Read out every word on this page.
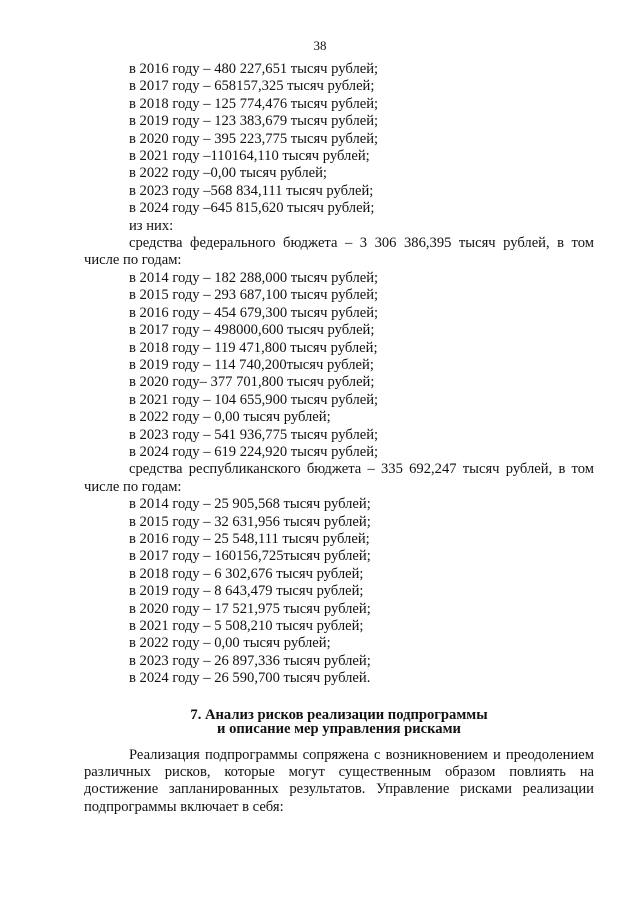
38

в 2016 году – 480 227,651 тысяч рублей;

в 2017 году – 658157,325 тысяч рублей;

в 2018 году – 125 774,476 тысяч рублей;

в 2019 году – 123 383,679 тысяч рублей;

в 2020 году – 395 223,775 тысяч рублей;

в 2021 году –110164,110 тысяч рублей;

в 2022 году –0,00 тысяч рублей;

в 2023 году –568 834,111 тысяч рублей;

в 2024 году –645 815,620 тысяч рублей;

из них:

средства федерального бюджета – 3 306 386,395 тысяч рублей, в том

числе по годам:

в 2014 году – 182 288,000 тысяч рублей;

в 2015 году – 293 687,100 тысяч рублей;

в 2016 году – 454 679,300 тысяч рублей;

в 2017 году – 498000,600 тысяч рублей;

в 2018 году – 119 471,800 тысяч рублей;

в 2019 году – 114 740,200тысяч рублей;

в 2020 году– 377 701,800 тысяч рублей;

в 2021 году – 104 655,900 тысяч рублей;

в 2022 году – 0,00 тысяч рублей;

в 2023 году – 541 936,775 тысяч рублей;

в 2024 году – 619 224,920 тысяч рублей;

средства республиканского бюджета – 335 692,247 тысяч рублей, в том

числе по годам:

в 2014 году – 25 905,568 тысяч рублей;

в 2015 году – 32 631,956 тысяч рублей;

в 2016 году – 25 548,111 тысяч рублей;

в 2017 году – 160156,725тысяч рублей;

в 2018 году – 6 302,676 тысяч рублей;

в 2019 году – 8 643,479 тысяч рублей;

в 2020 году – 17 521,975 тысяч рублей;

в 2021 году – 5 508,210 тысяч рублей;

в 2022 году – 0,00 тысяч рублей;

в 2023 году – 26 897,336 тысяч рублей;

в 2024 году – 26 590,700 тысяч рублей.

7. Анализ рисков реализации подпрограммы

и описание мер управления рисками

Реализация подпрограммы сопряжена с возникновением и преодолением различных рисков, которые могут существенным образом повлиять на достижение запланированных результатов. Управление рисками реализации подпрограммы включает в себя:
